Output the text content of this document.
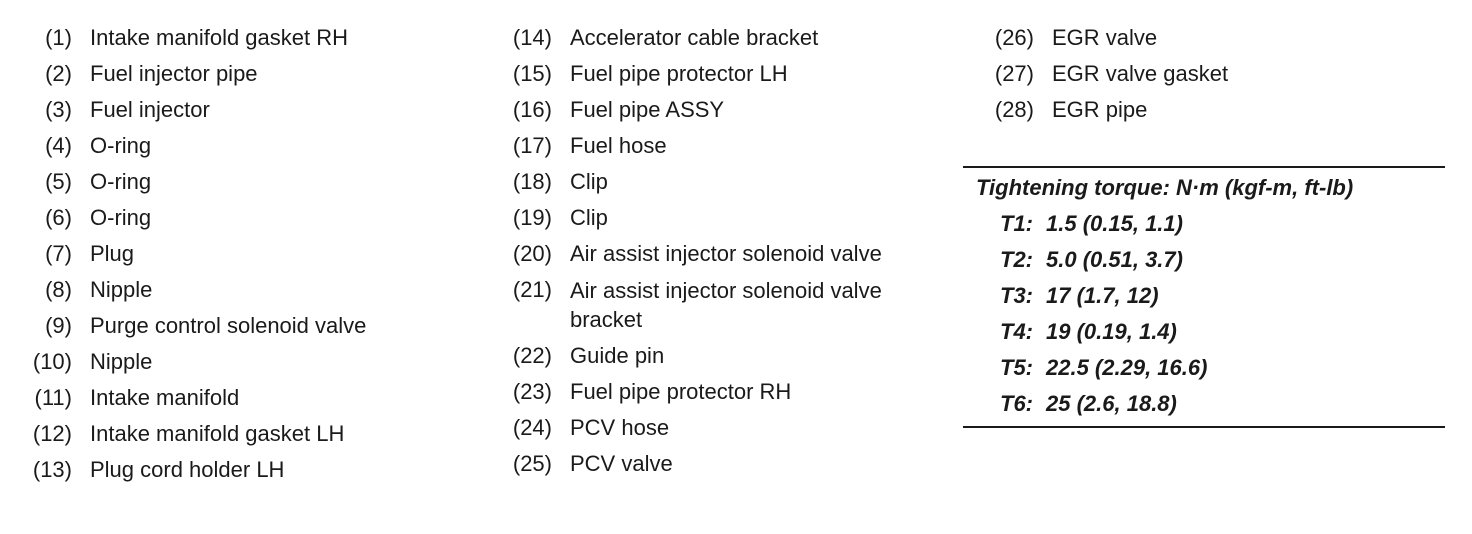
(1) Intake manifold gasket RH
(2) Fuel injector pipe
(3) Fuel injector
(4) O-ring
(5) O-ring
(6) O-ring
(7) Plug
(8) Nipple
(9) Purge control solenoid valve
(10) Nipple
(11) Intake manifold
(12) Intake manifold gasket LH
(13) Plug cord holder LH
(14) Accelerator cable bracket
(15) Fuel pipe protector LH
(16) Fuel pipe ASSY
(17) Fuel hose
(18) Clip
(19) Clip
(20) Air assist injector solenoid valve
(21) Air assist injector solenoid valve
bracket
(22) Guide pin
(23) Fuel pipe protector RH
(24) PCV hose
(25) PCV valve
(26) EGR valve
(27) EGR valve gasket
(28) EGR pipe
Tightening torque: N·m (kgf-m, ft-lb)
T1: 1.5 (0.15, 1.1)
T2: 5.0 (0.51, 3.7)
T3: 17 (1.7, 12)
T4: 19 (0.19, 1.4)
T5: 22.5 (2.29, 16.6)
T6: 25 (2.6, 18.8)
